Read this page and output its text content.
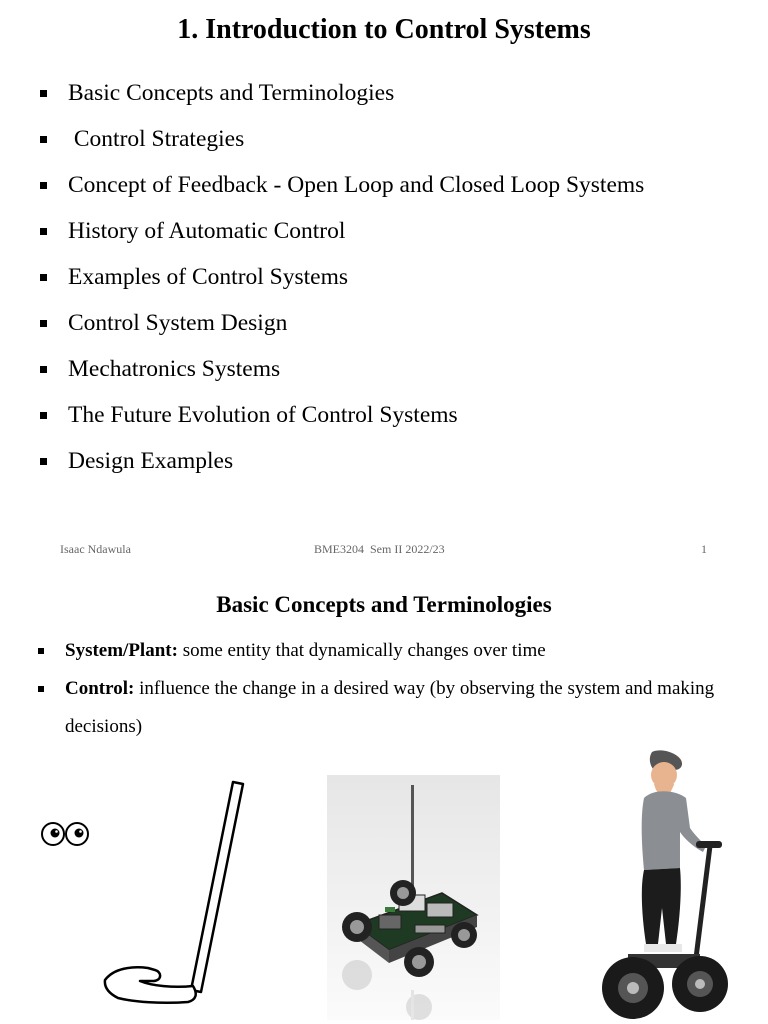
1. Introduction to Control Systems
Basic Concepts and Terminologies
Control Strategies
Concept of Feedback - Open Loop and Closed Loop Systems
History of Automatic Control
Examples of Control Systems
Control System Design
Mechatronics Systems
The Future Evolution of Control Systems
Design Examples
Isaac Ndawula	BME3204  Sem II 2022/23	1
Basic Concepts and Terminologies
System/Plant: some entity that dynamically changes over time
Control: influence the change in a desired way (by observing the system and making decisions)
